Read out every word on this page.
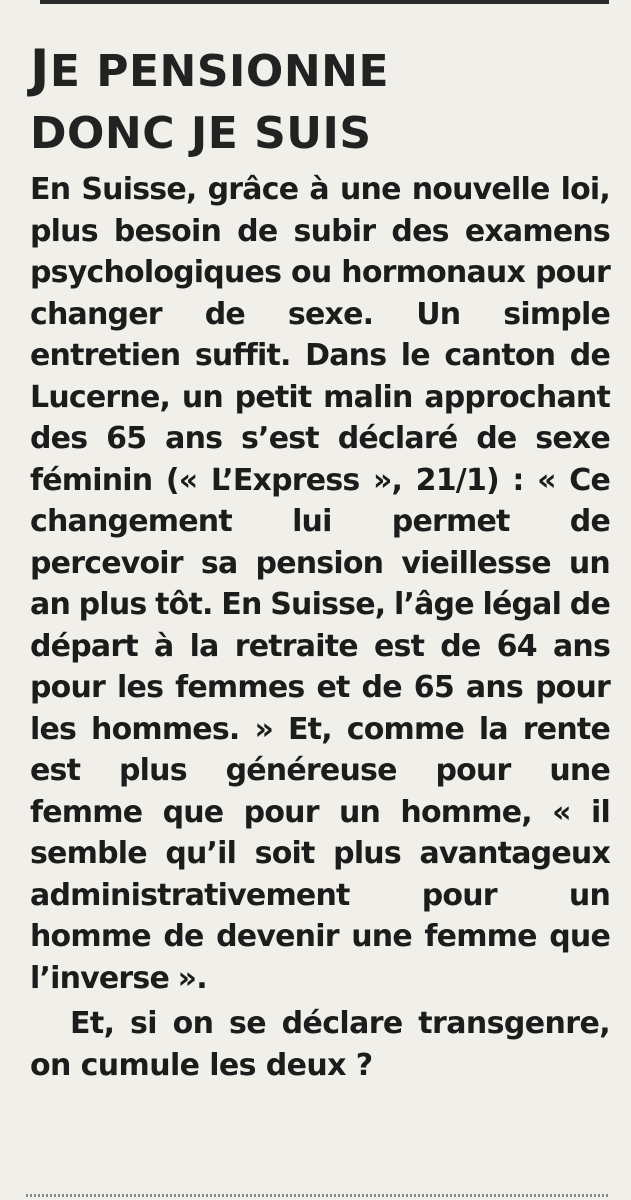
JE PENSIONNE
DONC JE SUIS

En Suisse, grâce à une nouvelle loi, plus besoin de subir des examens psychologiques ou hormonaux pour changer de sexe. Un simple entretien suffit. Dans le canton de Lucerne, un petit malin approchant des 65 ans s’est déclaré de sexe féminin (« L’Express », 21/1) : « Ce changement lui permet de percevoir sa pension vieillesse un an plus tôt. En Suisse, l’âge légal de départ à la retraite est de 64 ans pour les femmes et de 65 ans pour les hommes. » Et, comme la rente est plus généreuse pour une femme que pour un homme, « il semble qu’il soit plus avantageux administrativement pour un homme de devenir une femme que l’inverse ».

Et, si on se déclare transgenre, on cumule les deux ?
